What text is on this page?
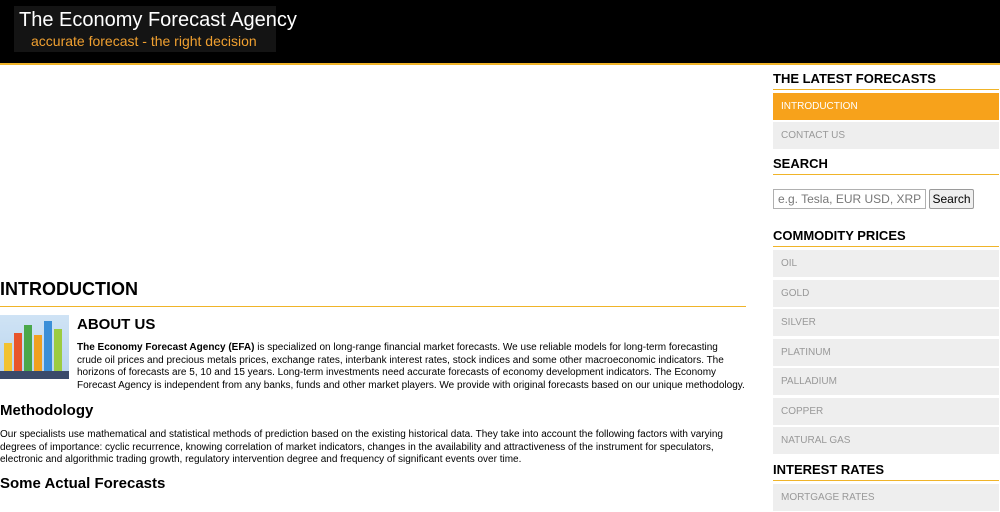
The Economy Forecast Agency
accurate forecast - the right decision
INTRODUCTION
ABOUT US

The Economy Forecast Agency (EFA) is specialized on long-range financial market forecasts. We use reliable models for long-term forecasting crude oil prices and precious metals prices, exchange rates, interbank interest rates, stock indices and some other macroeconomic indicators. The horizons of forecasts are 5, 10 and 15 years. Long-term investments need accurate forecasts of economy development indicators. The Economy Forecast Agency is independent from any banks, funds and other market players. We provide with original forecasts based on our unique methodology.

Methodology

Our specialists use mathematical and statistical methods of prediction based on the existing historical data. They take into account the following factors with varying degrees of importance: cyclic recurrence, knowing correlation of market indicators, changes in the availability and attractiveness of the instrument for speculators, electronic and algorithmic trading growth, regulatory intervention degree and frequency of significant events over time.

Some Actual Forecasts
THE LATEST FORECASTS
INTRODUCTION
CONTACT US
SEARCH
e.g. Tesla, EUR USD, XRP
Search
COMMODITY PRICES
OIL
GOLD
SILVER
PLATINUM
PALLADIUM
COPPER
NATURAL GAS
INTEREST RATES
MORTGAGE RATES
